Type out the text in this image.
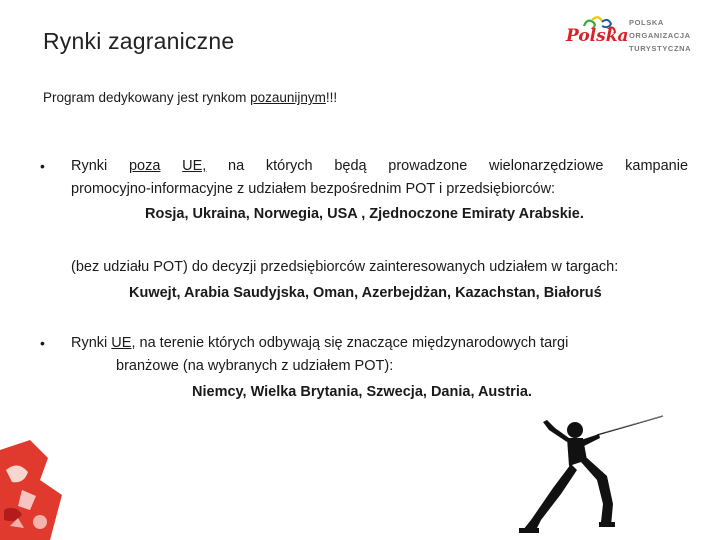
Rynki zagraniczne
Program dedykowany jest rynkom pozaunijnym!!!
Polska
POLSKA
ORGANIZACJA
TURYSTYCZNA
• Rynki poza UE, na których będą prowadzone wielonarzędziowe kampanie
promocyjno-informacyjne z udziałem bezpośrednim POT i przedsiębiorców:
Rosja, Ukraina, Norwegia, USA , Zjednoczone Emiraty Arabskie.
(bez udziału POT) do decyzji przedsiębiorców zainteresowanych udziałem w targach:
Kuwejt, Arabia Saudyjska, Oman, Azerbejdżan, Kazachstan, Białoruś
• Rynki UE, na terenie których odbywają się znaczące międzynarodowych targi
branżowe (na wybranych z udziałem POT):
Niemcy, Wielka Brytania, Szwecja, Dania, Austria.
